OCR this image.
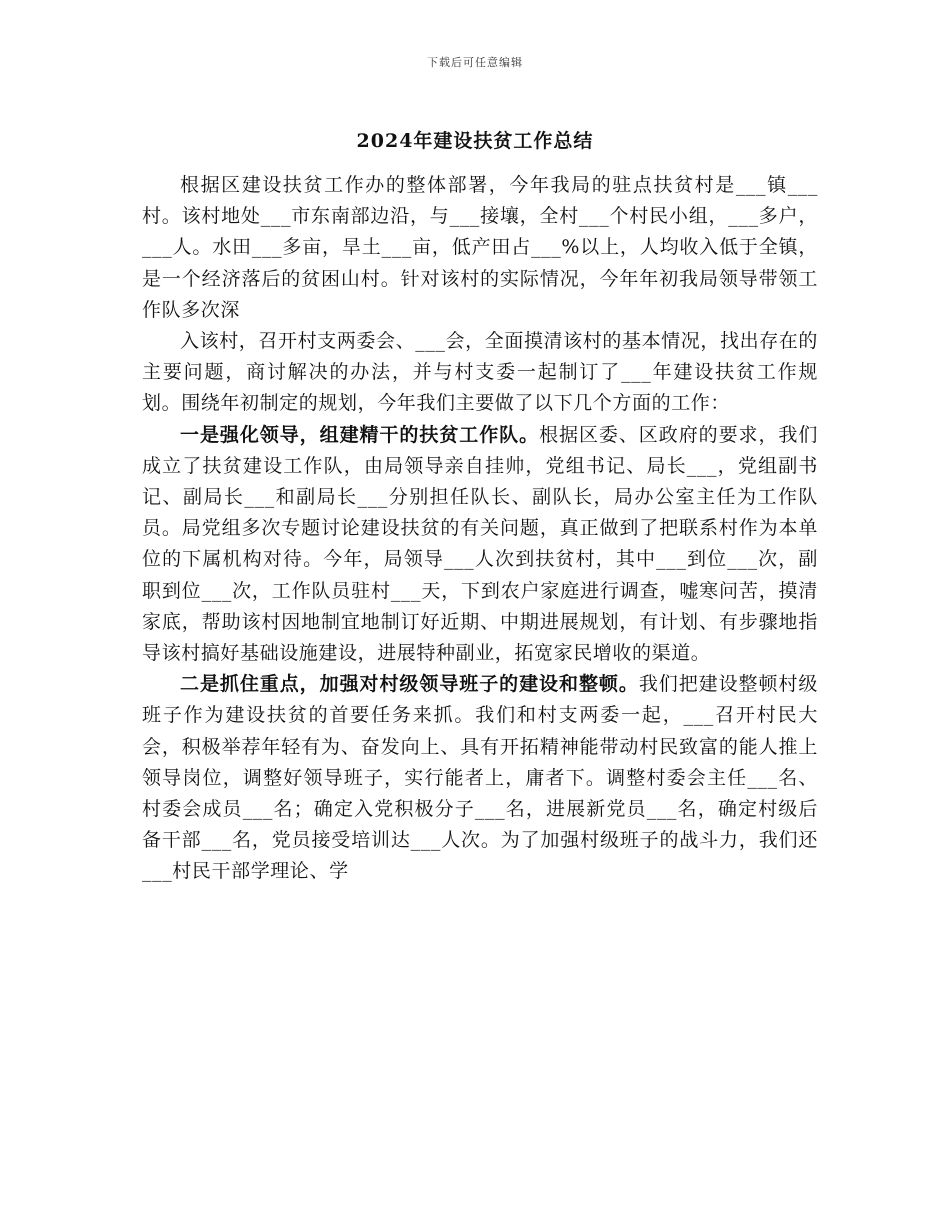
下载后可任意编辑
2024年建设扶贫工作总结

根据区建设扶贫工作办的整体部署，今年我局的驻点扶贫村是___镇___村。该村地处___市东南部边沿，与___接壤，全村___个村民小组，___多户，___人。水田___多亩，旱土___亩，低产田占___%以上，人均收入低于全镇，是一个经济落后的贫困山村。针对该村的实际情况，今年年初我局领导带领工作队多次深

入该村，召开村支两委会、___会，全面摸清该村的基本情况，找出存在的主要问题，商讨解决的办法，并与村支委一起制订了___年建设扶贫工作规划。围绕年初制定的规划，今年我们主要做了以下几个方面的工作：

一是强化领导，组建精干的扶贫工作队。根据区委、区政府的要求，我们成立了扶贫建设工作队，由局领导亲自挂帅，党组书记、局长___，党组副书记、副局长___和副局长___分别担任队长、副队长，局办公室主任为工作队员。局党组多次专题讨论建设扶贫的有关问题，真正做到了把联系村作为本单位的下属机构对待。今年，局领导___人次到扶贫村，其中___到位___次，副职到位___次，工作队员驻村___天，下到农户家庭进行调查，嘘寒问苦，摸清家底，帮助该村因地制宜地制订好近期、中期进展规划，有计划、有步骤地指导该村搞好基础设施建设，进展特种副业，拓宽家民增收的渠道。

二是抓住重点，加强对村级领导班子的建设和整顿。我们把建设整顿村级班子作为建设扶贫的首要任务来抓。我们和村支两委一起，___召开村民大会，积极举荐年轻有为、奋发向上、具有开拓精神能带动村民致富的能人推上领导岗位，调整好领导班子，实行能者上，庸者下。调整村委会主任___名、村委会成员___名；确定入党积极分子___名，进展新党员___名，确定村级后备干部___名，党员接受培训达___人次。为了加强村级班子的战斗力，我们还___村民干部学理论、学
